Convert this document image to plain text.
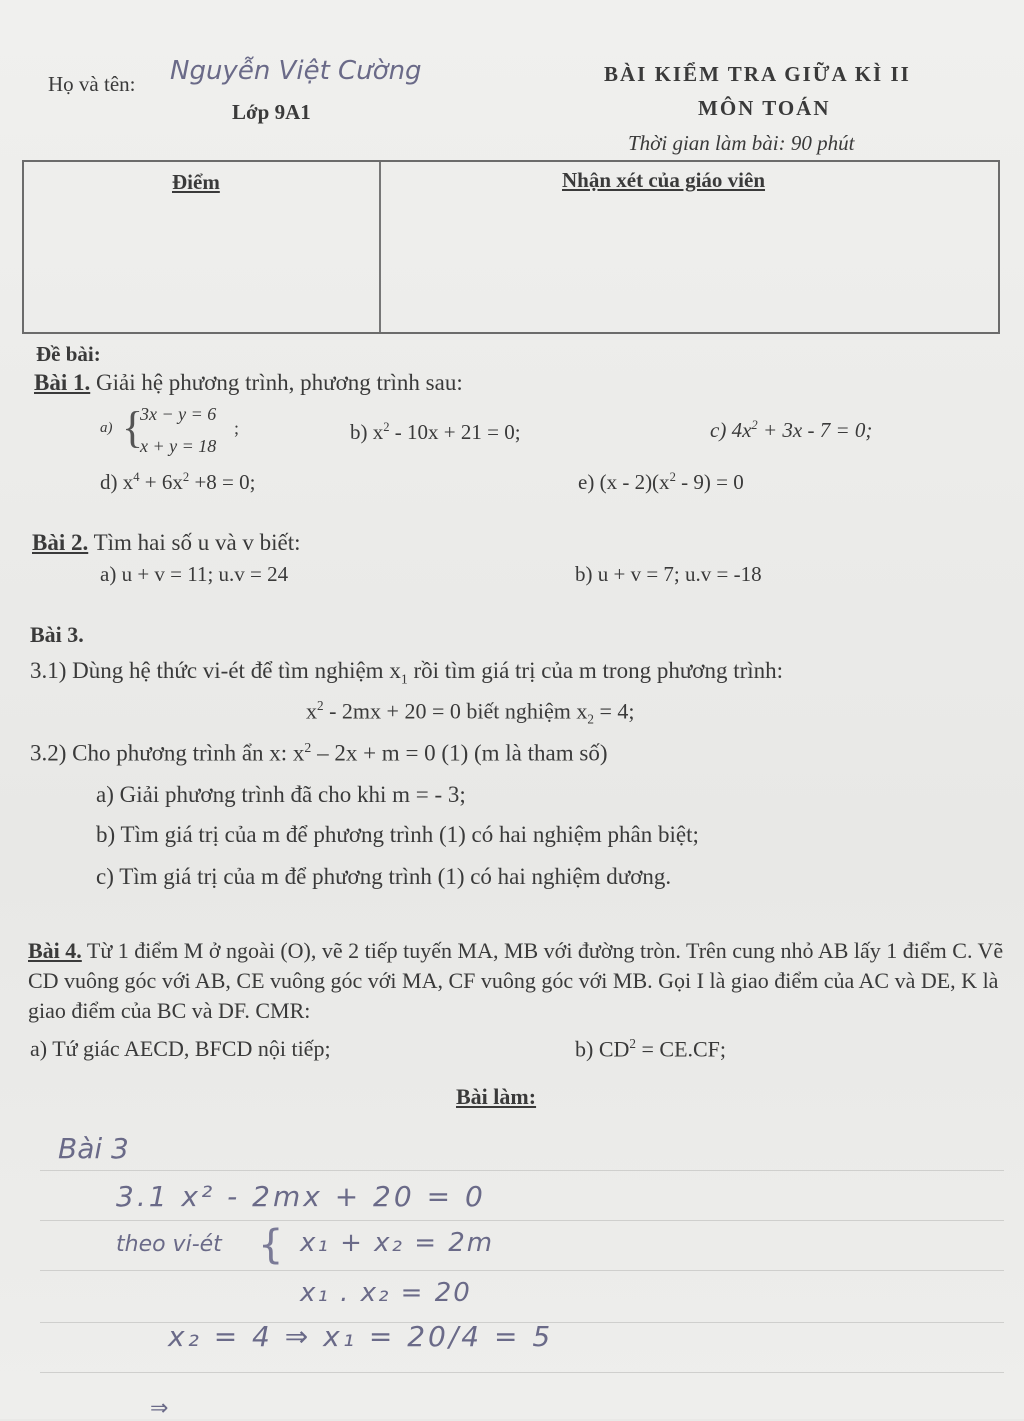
Họ và tên: Nguyễn Việt Cường
Lớp 9A1
BÀI KIỂM TRA GIỮA KÌ II
MÔN TOÁN
Thời gian làm bài: 90 phút
Điểm	Nhận xét của giáo viên
Đề bài:
Bài 1. Giải hệ phương trình, phương trình sau:
a) {
3x − y = 6
x + y = 18
;	b) $x^2 - 10x + 21 = 0$;	c) $4x^2 + 3x - 7 = 0$;
d) $x^4 + 6x^2 +8 = 0$;	e) $(x - 2)(x^2 - 9) = 0$
Bài 2. Tìm hai số u và v biết:
a) u + v = 11; u.v = 24	b) u + v = 7; u.v = -18
Bài 3.
3.1) Dùng hệ thức vi-ét để tìm nghiệm $x_1$ rồi tìm giá trị của m trong phương trình:
$x^2 - 2mx + 20 = 0$ biết nghiệm $x_2 = 4$;
3.2) Cho phương trình ẩn x: $x^2 - 2x + m = 0$ (1) (m là tham số)
a) Giải phương trình đã cho khi m = - 3;
b) Tìm giá trị của m để phương trình (1) có hai nghiệm phân biệt;
c) Tìm giá trị của m để phương trình (1) có hai nghiệm dương.
Bài 4. Từ 1 điểm M ở ngoài (O), vẽ 2 tiếp tuyến MA, MB với đường tròn. Trên cung nhỏ AB lấy 1 điểm C. Vẽ CD vuông góc với AB, CE vuông góc với MA, CF vuông góc với MB. Gọi I là giao điểm của AC và DE, K là giao điểm của BC và DF. CMR:
a) Tứ giác AECD, BFCD nội tiếp;	b) $CD^2 = CE.CF$;
Bài làm:
Bài 3
3.1 x² - 2mx + 20 = 0
theo vi-ét { x₁ + x₂ = 2m
x₁ . x₂ = 20
x₂ = 4 ⇒ x₁ = 20/4 = 5
⇒
